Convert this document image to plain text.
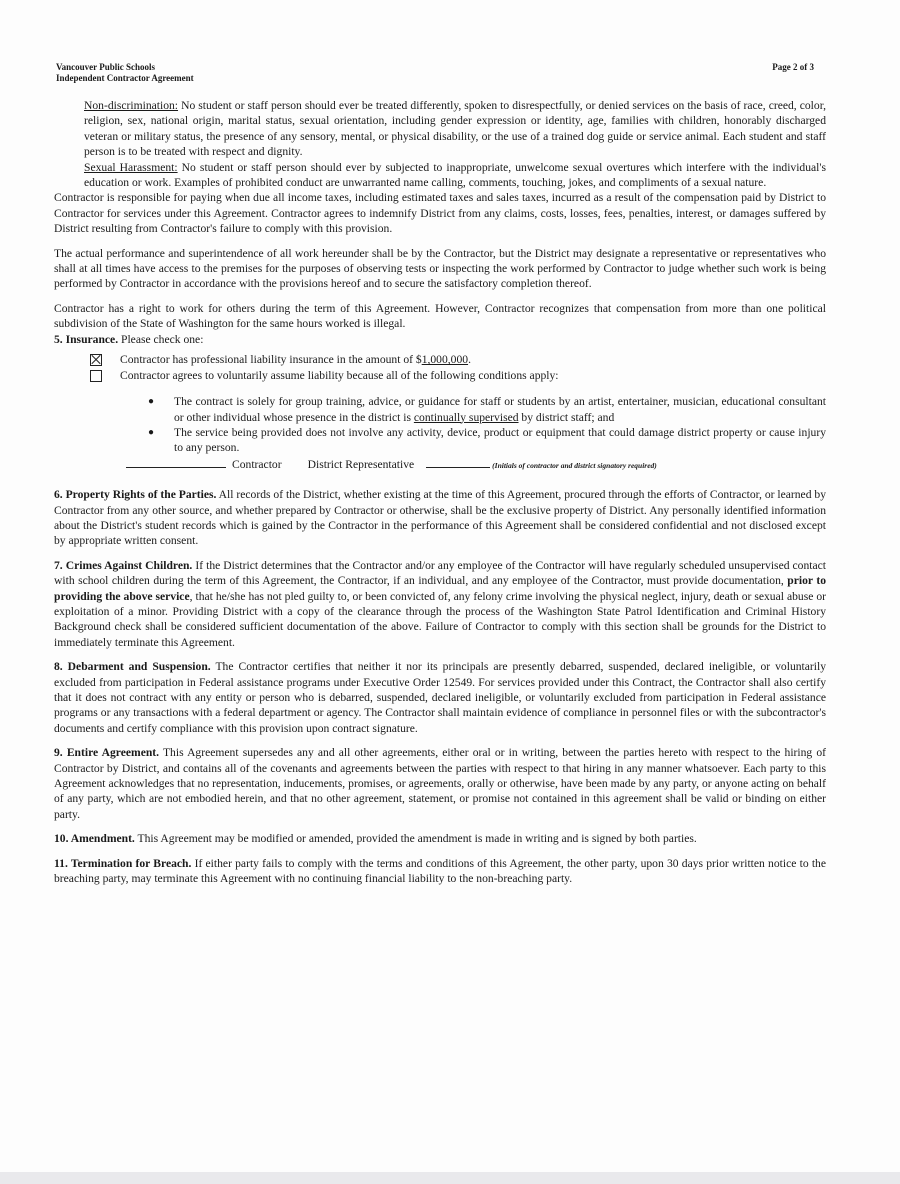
Vancouver Public Schools
Independent Contractor Agreement
Page 2 of 3

Non-discrimination: No student or staff person should ever be treated differently, spoken to disrespectfully, or denied services on the basis of race, creed, color, religion, sex, national origin, marital status, sexual orientation, including gender expression or identity, age, families with children, honorably discharged veteran or military status, the presence of any sensory, mental, or physical disability, or the use of a trained dog guide or service animal. Each student and staff person is to be treated with respect and dignity.

Sexual Harassment: No student or staff person should ever by subjected to inappropriate, unwelcome sexual overtures which interfere with the individual's education or work. Examples of prohibited conduct are unwarranted name calling, comments, touching, jokes, and compliments of a sexual nature.

Contractor is responsible for paying when due all income taxes, including estimated taxes and sales taxes, incurred as a result of the compensation paid by District to Contractor for services under this Agreement. Contractor agrees to indemnify District from any claims, costs, losses, fees, penalties, interest, or damages suffered by District resulting from Contractor's failure to comply with this provision.

The actual performance and superintendence of all work hereunder shall be by the Contractor, but the District may designate a representative or representatives who shall at all times have access to the premises for the purposes of observing tests or inspecting the work performed by Contractor to judge whether such work is being performed by Contractor in accordance with the provisions hereof and to secure the satisfactory completion thereof.

Contractor has a right to work for others during the term of this Agreement. However, Contractor recognizes that compensation from more than one political subdivision of the State of Washington for the same hours worked is illegal.

5. Insurance. Please check one:

Contractor has professional liability insurance in the amount of $1,000,000.
Contractor agrees to voluntarily assume liability because all of the following conditions apply:
●	The contract is solely for group training, advice, or guidance for staff or students by an artist, entertainer, musician, educational consultant or other individual whose presence in the district is continually supervised by district staff; and

●	The service being provided does not involve any activity, device, product or equipment that could damage district property or cause injury to any person.

Contractor District Representative	(Initials of contractor and district signatory required)

6. Property Rights of the Parties. All records of the District, whether existing at the time of this Agreement, procured through the efforts of Contractor, or learned by Contractor from any other source, and whether prepared by Contractor or otherwise, shall be the exclusive property of District. Any personally identified information about the District's student records which is gained by the Contractor in the performance of this Agreement shall be considered confidential and not disclosed except by appropriate written consent.

7. Crimes Against Children. If the District determines that the Contractor and/or any employee of the Contractor will have regularly scheduled unsupervised contact with school children during the term of this Agreement, the Contractor, if an individual, and any employee of the Contractor, must provide documentation, prior to providing the above service, that he/she has not pled guilty to, or been convicted of, any felony crime involving the physical neglect, injury, death or sexual abuse or exploitation of a minor. Providing District with a copy of the clearance through the process of the Washington State Patrol Identification and Criminal History Background check shall be considered sufficient documentation of the above. Failure of Contractor to comply with this section shall be grounds for the District to immediately terminate this Agreement.

8. Debarment and Suspension. The Contractor certifies that neither it nor its principals are presently debarred, suspended, declared ineligible, or voluntarily excluded from participation in Federal assistance programs under Executive Order 12549. For services provided under this Contract, the Contractor shall also certify that it does not contract with any entity or person who is debarred, suspended, declared ineligible, or voluntarily excluded from participation in Federal assistance programs or any transactions with a federal department or agency. The Contractor shall maintain evidence of compliance in personnel files or with the subcontractor's documents and certify compliance with this provision upon contract signature.

9. Entire Agreement. This Agreement supersedes any and all other agreements, either oral or in writing, between the parties hereto with respect to the hiring of Contractor by District, and contains all of the covenants and agreements between the parties with respect to that hiring in any manner whatsoever. Each party to this Agreement acknowledges that no representation, inducements, promises, or agreements, orally or otherwise, have been made by any party, or anyone acting on behalf of any party, which are not embodied herein, and that no other agreement, statement, or promise not contained in this agreement shall be valid or binding on either party.

10. Amendment. This Agreement may be modified or amended, provided the amendment is made in writing and is signed by both parties.

11. Termination for Breach. If either party fails to comply with the terms and conditions of this Agreement, the other party, upon 30 days prior written notice to the breaching party, may terminate this Agreement with no continuing financial liability to the non-breaching party.
